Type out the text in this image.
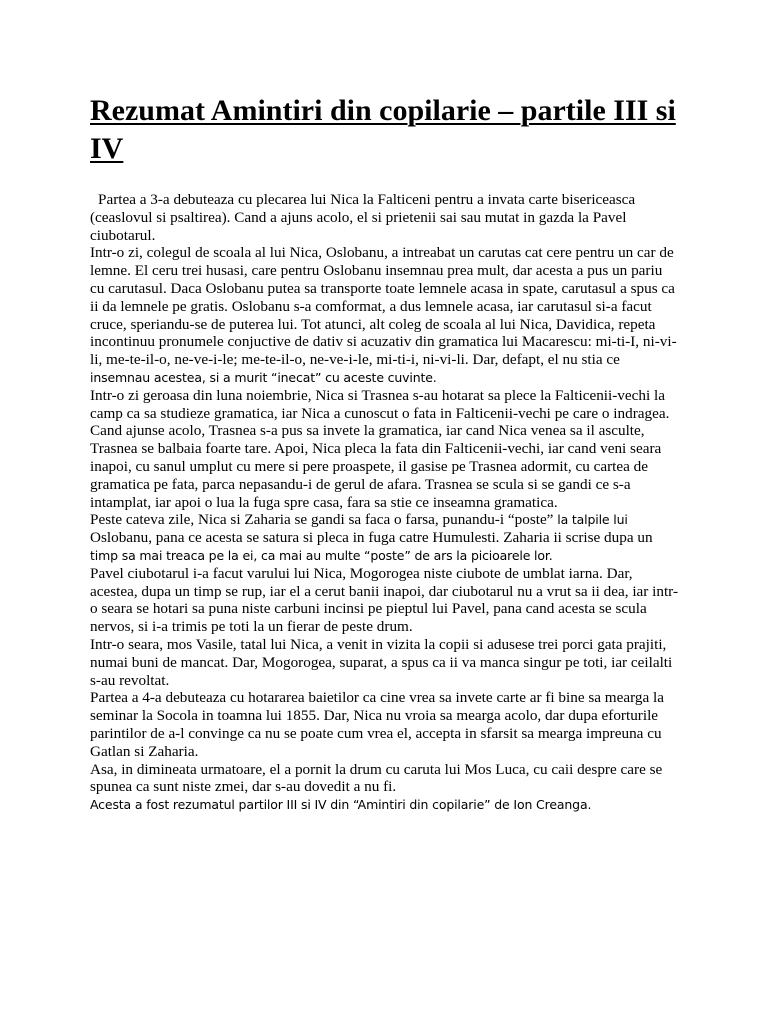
Rezumat Amintiri din copilarie – partile III si IV

Partea a 3-a debuteaza cu plecarea lui Nica la Falticeni pentru a invata carte bisericeasca (ceaslovul si psaltirea). Cand a ajuns acolo, el si prietenii sai sau mutat in gazda la Pavel ciubotarul.

Intr-o zi, colegul de scoala al lui Nica, Oslobanu, a intreabat un carutas cat cere pentru un car de lemne. El ceru trei husasi, care pentru Oslobanu insemnau prea mult, dar acesta a pus un pariu cu carutasul. Daca Oslobanu putea sa transporte toate lemnele acasa in spate, carutasul a spus ca ii da lemnele pe gratis. Oslobanu s-a comformat, a dus lemnele acasa, iar carutasul si-a facut cruce, speriandu-se de puterea lui. Tot atunci, alt coleg de scoala al lui Nica, Davidica, repeta incontinuu pronumele conjuctive de dativ si acuzativ din gramatica lui Macarescu: mi-ti-I, ni-vi-li, me-te-il-o, ne-ve-i-le; me-te-il-o, ne-ve-i-le, mi-ti-i, ni-vi-li. Dar, defapt, el nu stia ce
insemnau acestea, si a murit “inecat” cu aceste cuvinte.

Intr-o zi geroasa din luna noiembrie, Nica si Trasnea s-au hotarat sa plece la Falticenii-vechi la camp ca sa studieze gramatica, iar Nica a cunoscut o fata in Falticenii-vechi pe care o indragea. Cand ajunse acolo, Trasnea s-a pus sa invete la gramatica, iar cand Nica venea sa il asculte, Trasnea se balbaia foarte tare. Apoi, Nica pleca la fata din Falticenii-vechi, iar cand veni seara inapoi, cu sanul umplut cu mere si pere proaspete, il gasise pe Trasnea adormit, cu cartea de gramatica pe fata, parca nepasandu-i de gerul de afara. Trasnea se scula si se gandi ce s-a intamplat, iar apoi o lua la fuga spre casa, fara sa stie ce inseamna gramatica.

Peste cateva zile, Nica si Zaharia se gandi sa faca o farsa, punandu-i “poste” la talpile lui
Oslobanu, pana ce acesta se satura si pleca in fuga catre Humulesti. Zaharia ii scrise dupa un
timp sa mai treaca pe la ei, ca mai au multe “poste” de ars la picioarele lor.

Pavel ciubotarul i-a facut varului lui Nica, Mogorogea niste ciubote de umblat iarna. Dar, acestea, dupa un timp se rup, iar el a cerut banii inapoi, dar ciubotarul nu a vrut sa ii dea, iar intr-o seara se hotari sa puna niste carbuni incinsi pe pieptul lui Pavel, pana cand acesta se scula nervos, si i-a trimis pe toti la un fierar de peste drum.

Intr-o seara, mos Vasile, tatal lui Nica, a venit in vizita la copii si adusese trei porci gata prajiti, numai buni de mancat. Dar, Mogorogea, suparat, a spus ca ii va manca singur pe toti, iar ceilalti s-au revoltat.

Partea a 4-a debuteaza cu hotararea baietilor ca cine vrea sa invete carte ar fi bine sa mearga la seminar la Socola in toamna lui 1855. Dar, Nica nu vroia sa mearga acolo, dar dupa eforturile parintilor de a-l convinge ca nu se poate cum vrea el, accepta in sfarsit sa mearga impreuna cu Gatlan si Zaharia.

Asa, in dimineata urmatoare, el a pornit la drum cu caruta lui Mos Luca, cu caii despre care se spunea ca sunt niste zmei, dar s-au dovedit a nu fi.

Acesta a fost rezumatul partilor III si IV din “Amintiri din copilarie” de Ion Creanga.
